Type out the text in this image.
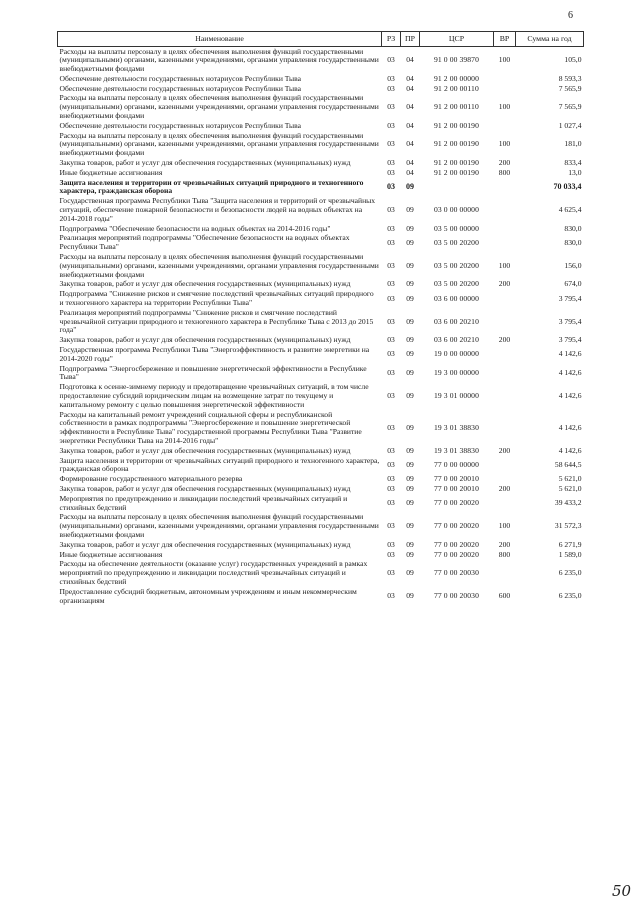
6
Наименование	РЗ	ПР	ЦСР	ВР	Сумма на год
Расходы на выплаты персоналу в целях обеспечения выполнения функций государственными (муниципальными) органами, казенными учреждениями, органами управления государственными внебюджетными фондами	03	04	91 0 00 39870	100	105,0
Обеспечение деятельности государственных нотариусов Республики Тыва	03	04	91 2 00 00000		8 593,3
Обеспечение деятельности государственных нотариусов Республики Тыва	03	04	91 2 00 00110		7 565,9
Расходы на выплаты персоналу в целях обеспечения выполнения функций государственными (муниципальными) органами, казенными учреждениями, органами управления государственными внебюджетными фондами	03	04	91 2 00 00110	100	7 565,9
Обеспечение деятельности государственных нотариусов Республики Тыва	03	04	91 2 00 00190		1 027,4
Расходы на выплаты персоналу в целях обеспечения выполнения функций государственными (муниципальными) органами, казенными учреждениями, органами управления государственными внебюджетными фондами	03	04	91 2 00 00190	100	181,0
Закупка товаров, работ и услуг для обеспечения государственных (муниципальных) нужд	03	04	91 2 00 00190	200	833,4
Иные бюджетные ассигнования	03	04	91 2 00 00190	800	13,0
Защита населения и территории от чрезвычайных ситуаций природного и техногенного характера, гражданская оборона	03	09			70 033,4
Государственная программа Республики Тыва "Защита населения и территорий от чрезвычайных ситуаций, обеспечение пожарной безопасности и безопасности людей на водных объектах на 2014-2018 годы"	03	09	03 0 00 00000		4 625,4
Подпрограмма "Обеспечение безопасности на водных объектах на 2014-2016 годы"	03	09	03 5 00 00000		830,0
Реализация мероприятий подпрограммы "Обеспечение безопасности на водных объектах Республики Тыва"	03	09	03 5 00 20200		830,0
Расходы на выплаты персоналу в целях обеспечения выполнения функций государственными (муниципальными) органами, казенными учреждениями, органами управления государственными внебюджетными фондами	03	09	03 5 00 20200	100	156,0
Закупка товаров, работ и услуг для обеспечения государственных (муниципальных) нужд	03	09	03 5 00 20200	200	674,0
Подпрограмма "Снижение рисков и смягчение последствий чрезвычайных ситуаций природного и техногенного характера на территории Республики Тыва"	03	09	03 6 00 00000		3 795,4
Реализация мероприятий подпрограммы "Снижение рисков и смягчение последствий чрезвычайной ситуации природного и техногенного характера в Республике Тыва с 2013 до 2015 года"	03	09	03 6 00 20210		3 795,4
Закупка товаров, работ и услуг для обеспечения государственных (муниципальных) нужд	03	09	03 6 00 20210	200	3 795,4
Государственная программа Республики Тыва "Энергоэффективность и развитие энергетики на 2014-2020 годы"	03	09	19 0 00 00000		4 142,6
Подпрограмма "Энергосбережение и повышение энергетической эффективности в Республике Тыва"	03	09	19 3 00 00000		4 142,6
Подготовка к осенне-зимнему периоду и предотвращение чрезвычайных ситуаций, в том числе предоставление субсидий юридическим лицам на возмещение затрат по текущему и капитальному ремонту с целью повышения энергетической эффективности	03	09	19 3 01 00000		4 142,6
Расходы на капитальный ремонт учреждений социальной сферы и республиканской собственности в рамках подпрограммы "Энергосбережение и повышение энергетической эффективности в Республике Тыва" государственной программы Республики Тыва "Развитие энергетики Республики Тыва на 2014-2016 годы"	03	09	19 3 01 38830		4 142,6
Закупка товаров, работ и услуг для обеспечения государственных (муниципальных) нужд	03	09	19 3 01 38830	200	4 142,6
Защита населения и территории от чрезвычайных ситуаций природного и техногенного характера, гражданская оборона	03	09	77 0 00 00000		58 644,5
Формирование государственного материального резерва	03	09	77 0 00 20010		5 621,0
Закупка товаров, работ и услуг для обеспечения государственных (муниципальных) нужд	03	09	77 0 00 20010	200	5 621,0
Мероприятия по предупреждению и ликвидации последствий чрезвычайных ситуаций и стихийных бедствий	03	09	77 0 00 20020		39 433,2
Расходы на выплаты персоналу в целях обеспечения выполнения функций государственными (муниципальными) органами, казенными учреждениями, органами управления государственными внебюджетными фондами	03	09	77 0 00 20020	100	31 572,3
Закупка товаров, работ и услуг для обеспечения государственных (муниципальных) нужд	03	09	77 0 00 20020	200	6 271,9
Иные бюджетные ассигнования	03	09	77 0 00 20020	800	1 589,0
Расходы на обеспечение деятельности (оказание услуг) государственных учреждений в рамках мероприятий по предупреждению и ликвидации последствий чрезвычайных ситуаций и стихийных бедствий	03	09	77 0 00 20030		6 235,0
Предоставление субсидий бюджетным, автономным учреждениям и иным некоммерческим организациям	03	09	77 0 00 20030	600	6 235,0
50
